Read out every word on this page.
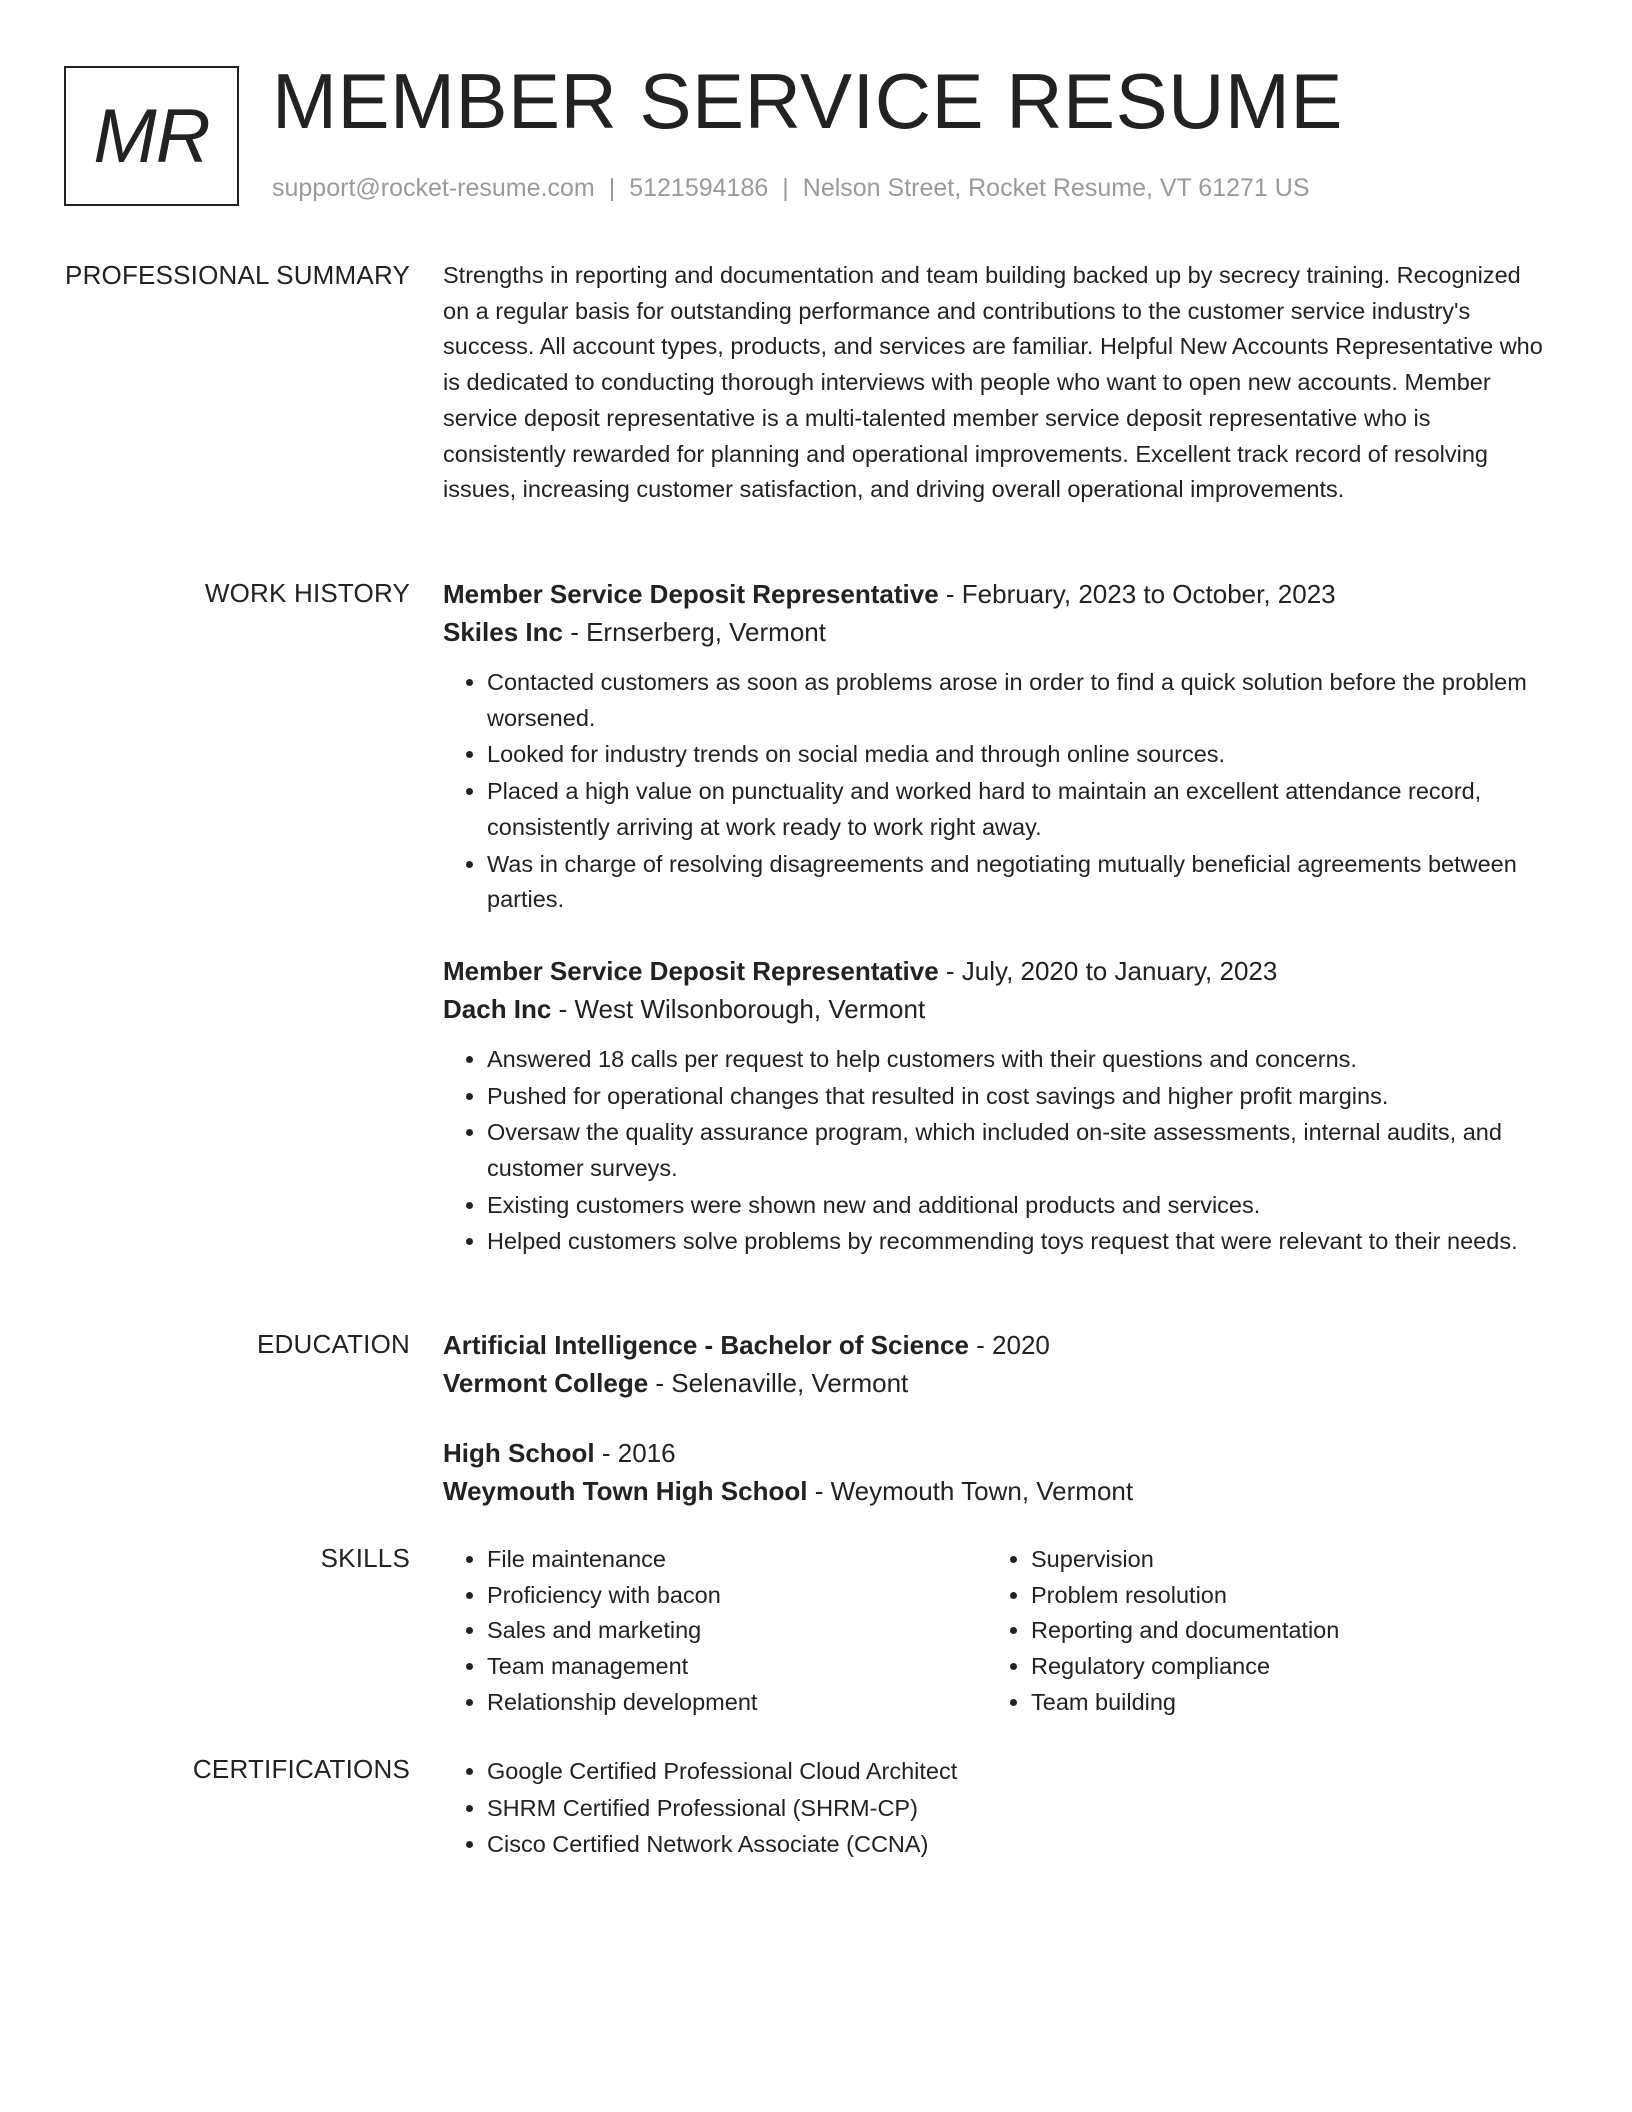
MR MEMBER SERVICE RESUME
support@rocket-resume.com | 5121594186 | Nelson Street, Rocket Resume, VT 61271 US
PROFESSIONAL SUMMARY Strengths in reporting and documentation and team building backed up by secrecy training. Recognized on a regular basis for outstanding performance and contributions to the customer service industry's success. All account types, products, and services are familiar. Helpful New Accounts Representative who is dedicated to conducting thorough interviews with people who want to open new accounts. Member service deposit representative is a multi-talented member service deposit representative who is consistently rewarded for planning and operational improvements. Excellent track record of resolving issues, increasing customer satisfaction, and driving overall operational improvements.

WORK HISTORY Member Service Deposit Representative - February, 2023 to October, 2023
Skiles Inc - Ernserberg, Vermont
• Contacted customers as soon as problems arose in order to find a quick solution before the problem worsened.
• Looked for industry trends on social media and through online sources.
• Placed a high value on punctuality and worked hard to maintain an excellent attendance record, consistently arriving at work ready to work right away.
• Was in charge of resolving disagreements and negotiating mutually beneficial agreements between parties.
Member Service Deposit Representative - July, 2020 to January, 2023
Dach Inc - West Wilsonborough, Vermont
• Answered 18 calls per request to help customers with their questions and concerns.
• Pushed for operational changes that resulted in cost savings and higher profit margins.
• Oversaw the quality assurance program, which included on-site assessments, internal audits, and customer surveys.
• Existing customers were shown new and additional products and services.
• Helped customers solve problems by recommending toys request that were relevant to their needs.
EDUCATION Artificial Intelligence - Bachelor of Science - 2020
Vermont College - Selenaville, Vermont
High School - 2016
Weymouth Town High School - Weymouth Town, Vermont
SKILLS	• File maintenance
• Proficiency with bacon
• Sales and marketing
• Team management
• Relationship development
• Supervision
• Problem resolution
• Reporting and documentation
• Regulatory compliance
• Team building
CERTIFICATIONS	• Google Certified Professional Cloud Architect
• SHRM Certified Professional (SHRM-CP)
• Cisco Certified Network Associate (CCNA)
